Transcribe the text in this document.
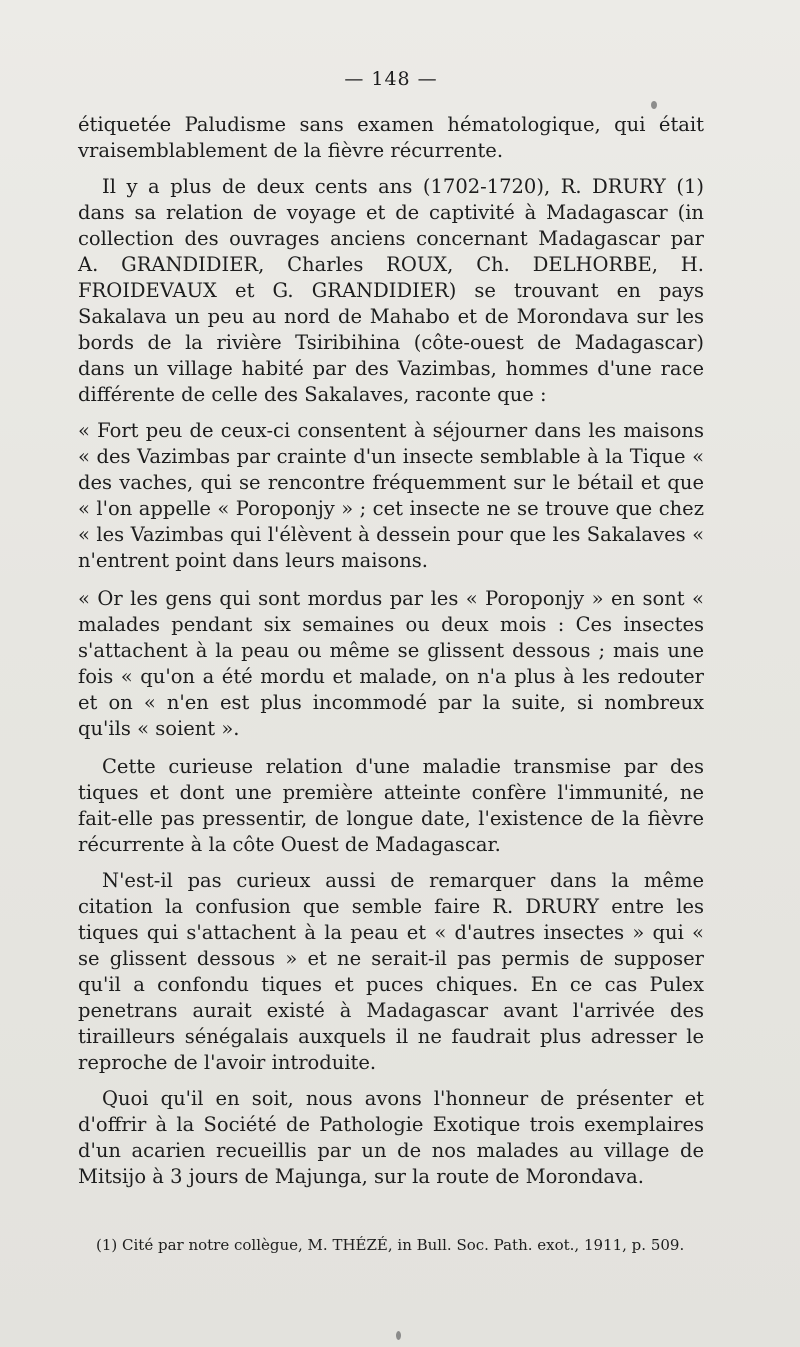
— 148 —

étiquetée Paludisme sans examen hématologique, qui était vraisemblablement de la fièvre récurrente.

Il y a plus de deux cents ans (1702-1720), R. DRURY (1) dans sa relation de voyage et de captivité à Madagascar (in collection des ouvrages anciens concernant Madagascar par A. GRANDIDIER, Charles ROUX, Ch. DELHORBE, H. FROIDEVAUX et G. GRANDIDIER) se trouvant en pays Sakalava un peu au nord de Mahabo et de Morondava sur les bords de la rivière Tsiribihina (côte-ouest de Madagascar) dans un village habité par des Vazimbas, hommes d'une race différente de celle des Sakalaves, raconte que :

« Fort peu de ceux-ci consentent à séjourner dans les maisons « des Vazimbas par crainte d'un insecte semblable à la Tique « des vaches, qui se rencontre fréquemment sur le bétail et que « l'on appelle « Poroponjy » ; cet insecte ne se trouve que chez « les Vazimbas qui l'élèvent à dessein pour que les Sakalaves « n'entrent point dans leurs maisons.

« Or les gens qui sont mordus par les « Poroponjy » en sont « malades pendant six semaines ou deux mois : Ces insectes s'attachent à la peau ou même se glissent dessous ; mais une fois « qu'on a été mordu et malade, on n'a plus à les redouter et on « n'en est plus incommodé par la suite, si nombreux qu'ils « soient ».

Cette curieuse relation d'une maladie transmise par des tiques et dont une première atteinte confère l'immunité, ne fait-elle pas pressentir, de longue date, l'existence de la fièvre récurrente à la côte Ouest de Madagascar.

N'est-il pas curieux aussi de remarquer dans la même citation la confusion que semble faire R. DRURY entre les tiques qui s'attachent à la peau et « d'autres insectes » qui « se glissent dessous » et ne serait-il pas permis de supposer qu'il a confondu tiques et puces chiques. En ce cas Pulex penetrans aurait existé à Madagascar avant l'arrivée des tirailleurs sénégalais auxquels il ne faudrait plus adresser le reproche de l'avoir introduite.

Quoi qu'il en soit, nous avons l'honneur de présenter et d'offrir à la Société de Pathologie Exotique trois exemplaires d'un acarien recueillis par un de nos malades au village de Mitsijo à 3 jours de Majunga, sur la route de Morondava.

(1) Cité par notre collègue, M. THÉZÉ, in Bull. Soc. Path. exot., 1911, p. 509.
